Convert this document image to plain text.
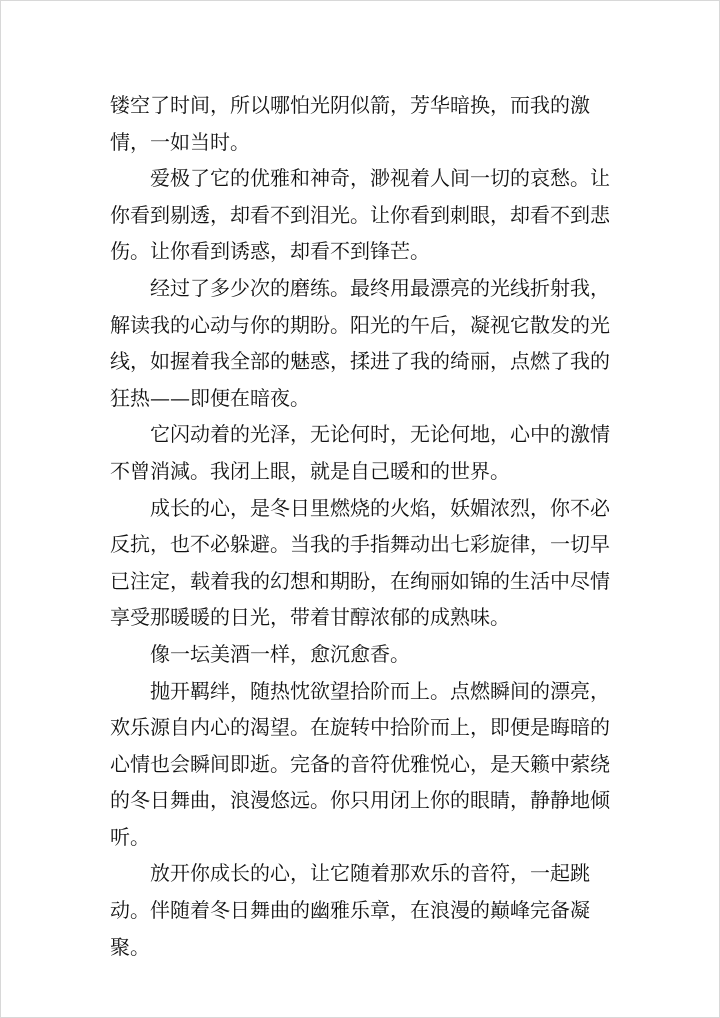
镂空了时间，所以哪怕光阴似箭，芳华暗换，而我的激情，一如当时。

爱极了它的优雅和神奇，渺视着人间一切的哀愁。让你看到剔透，却看不到泪光。让你看到刺眼，却看不到悲伤。让你看到诱惑，却看不到锋芒。

经过了多少次的磨练。最终用最漂亮的光线折射我，解读我的心动与你的期盼。阳光的午后，凝视它散发的光线，如握着我全部的魅惑，揉进了我的绮丽，点燃了我的狂热——即便在暗夜。

它闪动着的光泽，无论何时，无论何地，心中的激情不曾消減。我闭上眼，就是自己暖和的世界。

成长的心，是冬日里燃烧的火焰，妖媚浓烈，你不必反抗，也不必躲避。当我的手指舞动出七彩旋律，一切早已注定，载着我的幻想和期盼，在绚丽如锦的生活中尽情享受那暖暖的日光，带着甘醇浓郁的成熟味。

像一坛美酒一样，愈沉愈香。

抛开羁绊，随热忱欲望拾阶而上。点燃瞬间的漂亮，欢乐源自内心的渴望。在旋转中拾阶而上，即便是晦暗的心情也会瞬间即逝。完备的音符优雅悦心，是天籁中萦绕的冬日舞曲，浪漫悠远。你只用闭上你的眼睛，静静地倾听。

放开你成长的心，让它随着那欢乐的音符，一起跳动。伴随着冬日舞曲的幽雅乐章，在浪漫的巅峰完备凝聚。
